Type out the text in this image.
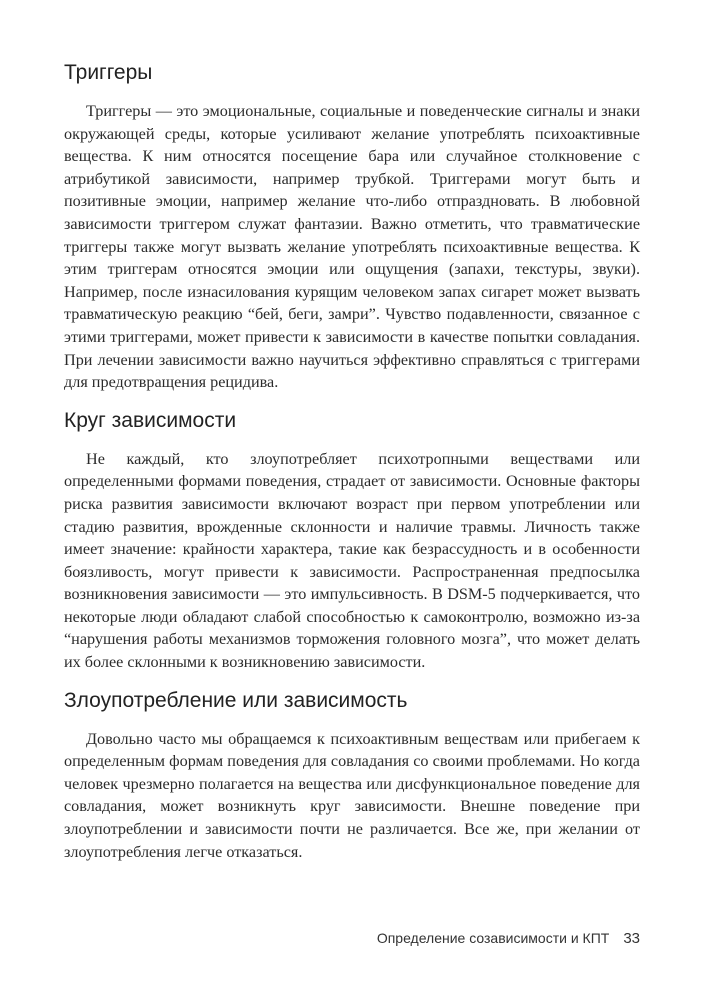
Триггеры

Триггеры — это эмоциональные, социальные и поведенческие сигналы и знаки окружающей среды, которые усиливают желание употреблять психоактивные вещества. К ним относятся посещение бара или случайное столкновение с атрибутикой зависимости, например трубкой. Триггерами могут быть и позитивные эмоции, например желание что-либо отпраздновать. В любовной зависимости триггером служат фантазии. Важно отметить, что травматические триггеры также могут вызвать желание употреблять психоактивные вещества. К этим триггерам относятся эмоции или ощущения (запахи, текстуры, звуки). Например, после изнасилования курящим человеком запах сигарет может вызвать травматическую реакцию “бей, беги, замри”. Чувство подавленности, связанное с этими триггерами, может привести к зависимости в качестве попытки совладания. При лечении зависимости важно научиться эффективно справляться с триггерами для предотвращения рецидива.

Круг зависимости

Не каждый, кто злоупотребляет психотропными веществами или определенными формами поведения, страдает от зависимости. Основные факторы риска развития зависимости включают возраст при первом употреблении или стадию развития, врожденные склонности и наличие травмы. Личность также имеет значение: крайности характера, такие как безрассудность и в особенности боязливость, могут привести к зависимости. Распространенная предпосылка возникновения зависимости — это импульсивность. В DSM-5 подчеркивается, что некоторые люди обладают слабой способностью к самоконтролю, возможно из-за “нарушения работы механизмов торможения головного мозга”, что может делать их более склонными к возникновению зависимости.

Злоупотребление или зависимость

Довольно часто мы обращаемся к психоактивным веществам или прибегаем к определенным формам поведения для совладания со своими проблемами. Но когда человек чрезмерно полагается на вещества или дисфункциональное поведение для совладания, может возникнуть круг зависимости. Внешне поведение при злоупотреблении и зависимости почти не различается. Все же, при желании от злоупотребления легче отказаться.

Определение созависимости и КПТ 33
